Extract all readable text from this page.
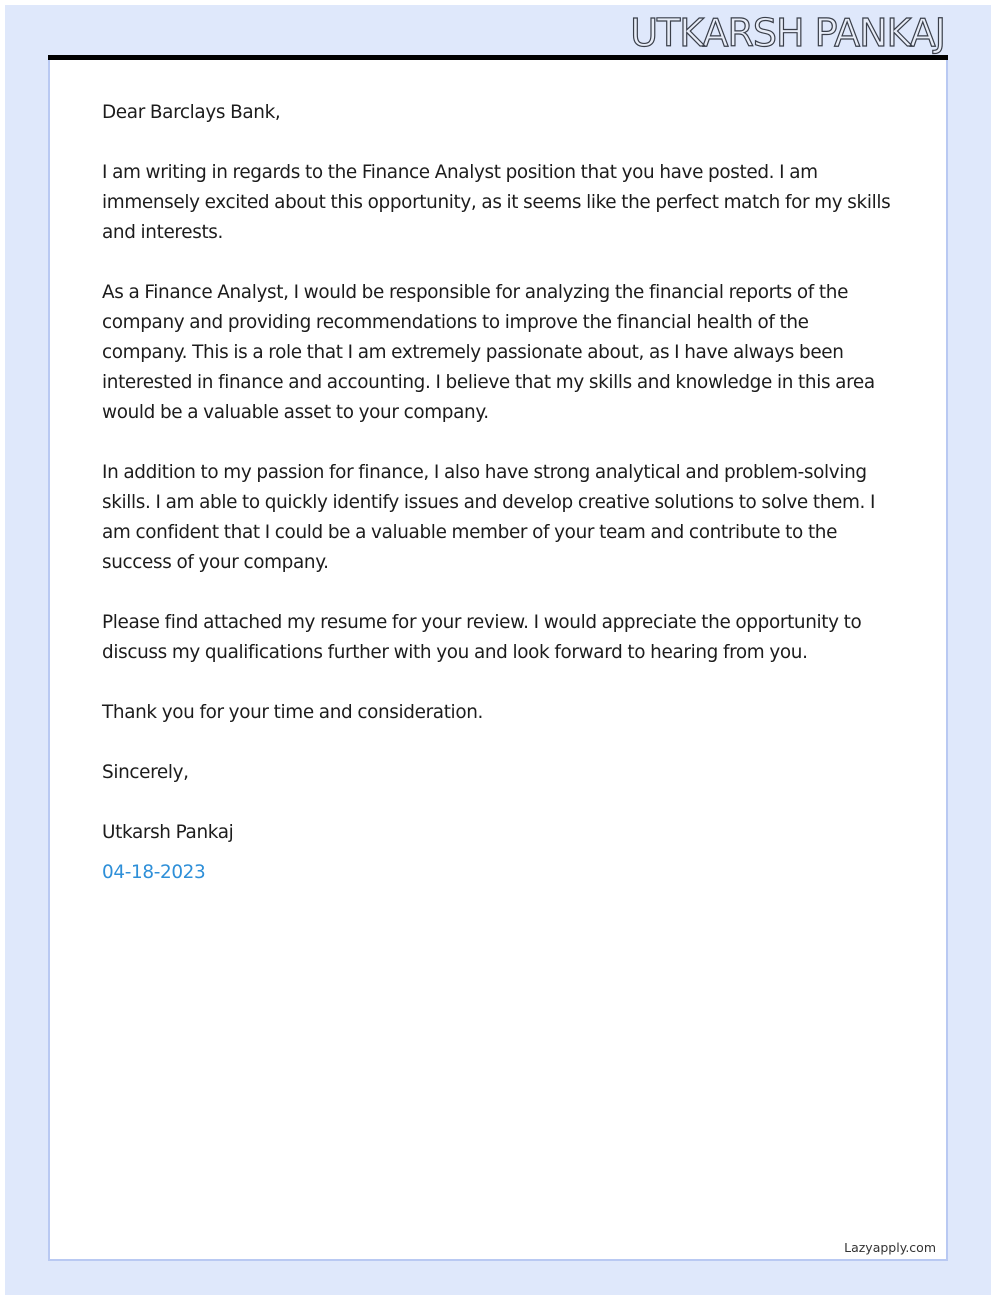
UTKARSH PANKAJ

Dear Barclays Bank,

I am writing in regards to the Finance Analyst position that you have posted. I am immensely excited about this opportunity, as it seems like the perfect match for my skills and interests.

As a Finance Analyst, I would be responsible for analyzing the financial reports of the company and providing recommendations to improve the financial health of the company. This is a role that I am extremely passionate about, as I have always been interested in finance and accounting. I believe that my skills and knowledge in this area would be a valuable asset to your company.

In addition to my passion for finance, I also have strong analytical and problem-solving skills. I am able to quickly identify issues and develop creative solutions to solve them. I am confident that I could be a valuable member of your team and contribute to the success of your company.

Please find attached my resume for your review. I would appreciate the opportunity to discuss my qualifications further with you and look forward to hearing from you.

Thank you for your time and consideration.

Sincerely,

Utkarsh Pankaj

04-18-2023

Lazyapply.com
